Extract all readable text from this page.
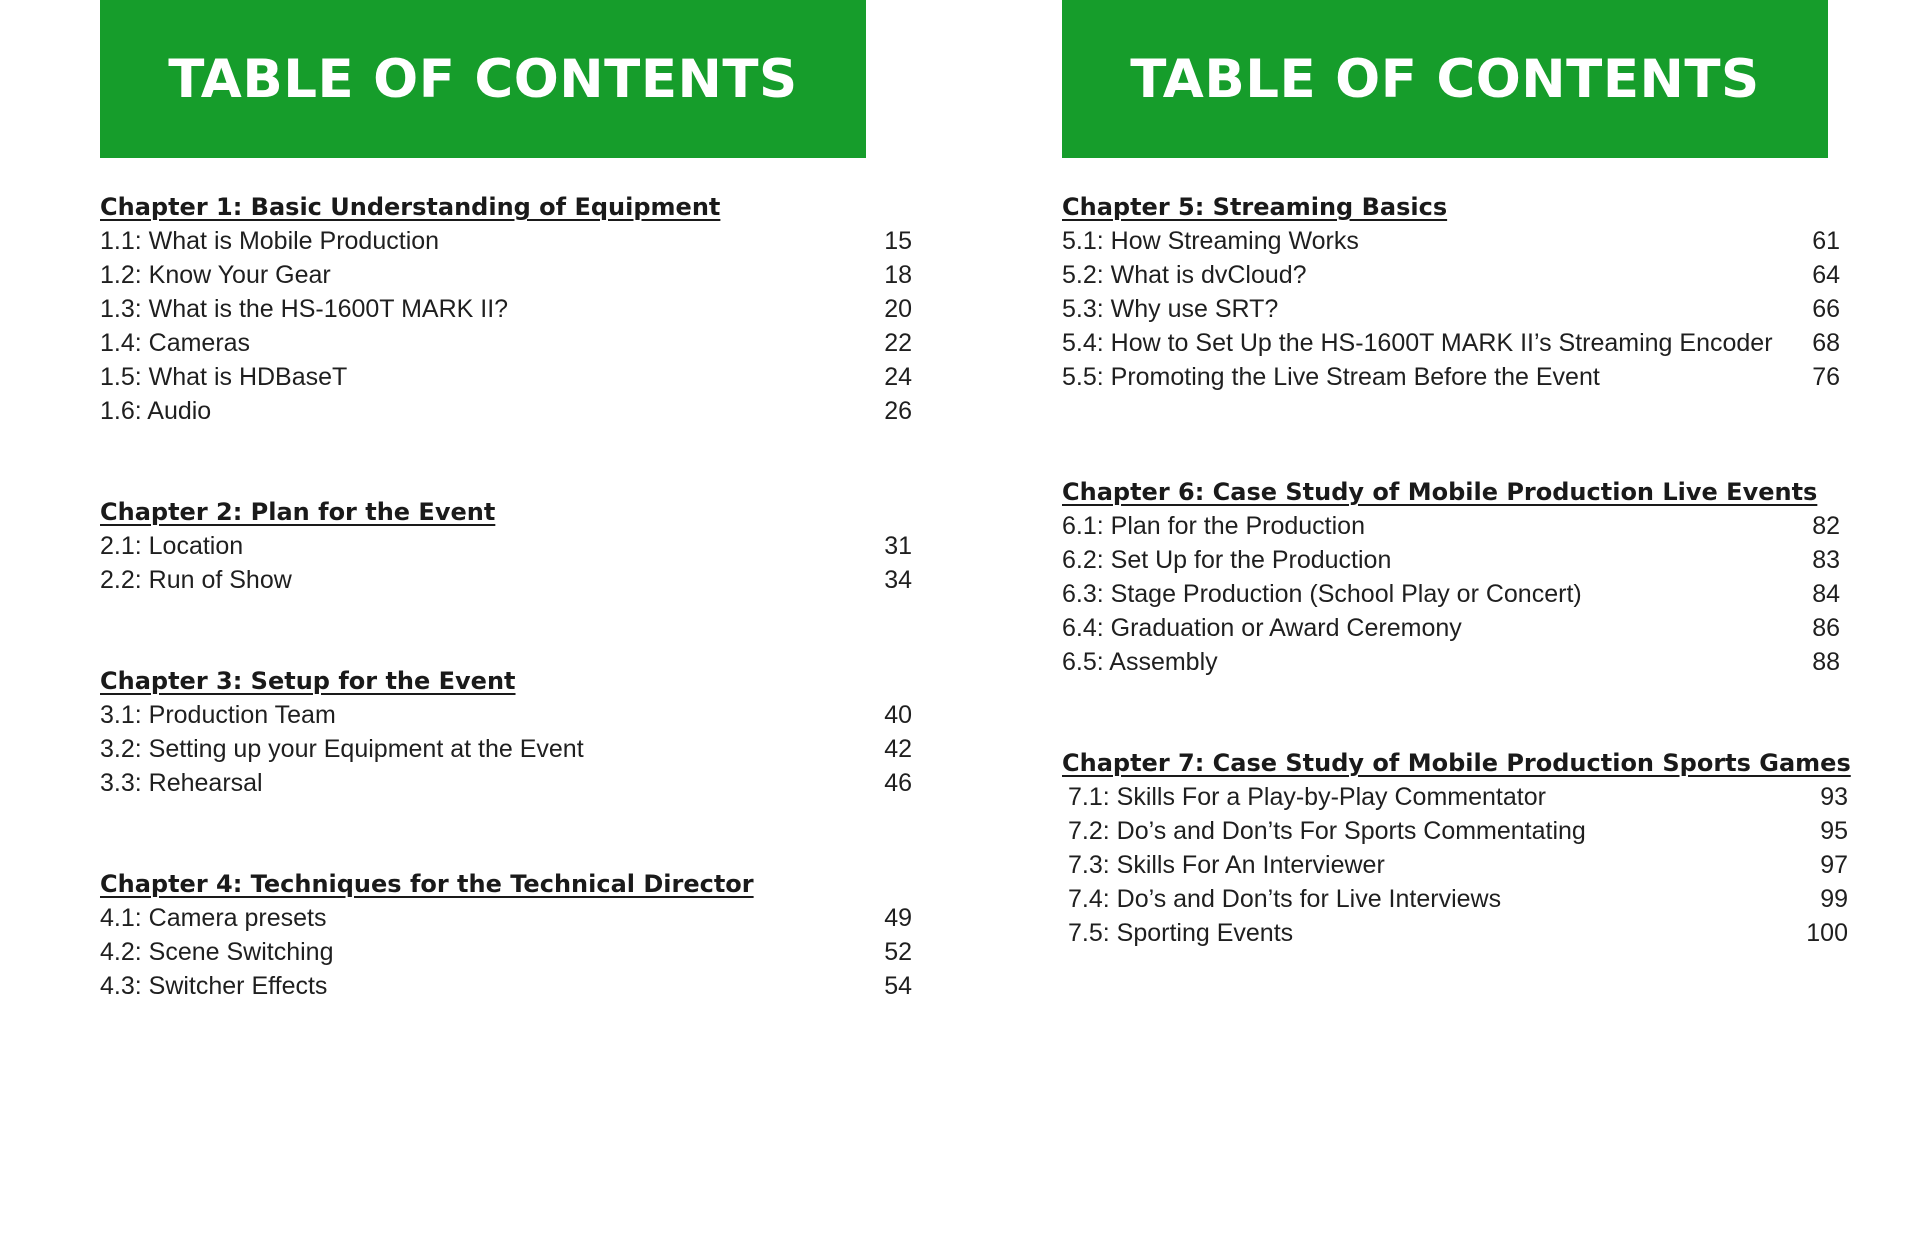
TABLE OF CONTENTS
Chapter 1: Basic Understanding of Equipment
1.1: What is Mobile Production	15
1.2: Know Your Gear	18
1.3: What is the HS-1600T MARK II?	20
1.4: Cameras	22
1.5: What is HDBaseT	24
1.6: Audio	26
Chapter 2: Plan for the Event
2.1: Location	31
2.2: Run of Show	34
Chapter 3: Setup for the Event
3.1: Production Team	40
3.2: Setting up your Equipment at the Event	42
3.3: Rehearsal	46
Chapter 4: Techniques for the Technical Director
4.1: Camera presets	49
4.2: Scene Switching	52
4.3: Switcher Effects	54
TABLE OF CONTENTS
Chapter 5: Streaming Basics
5.1: How Streaming Works	61
5.2: What is dvCloud?	64
5.3: Why use SRT?	66
5.4: How to Set Up the HS-1600T MARK II’s Streaming Encoder	68
5.5: Promoting the Live Stream Before the Event	76
Chapter 6: Case Study of Mobile Production Live Events
6.1: Plan for the Production	82
6.2: Set Up for the Production	83
6.3: Stage Production (School Play or Concert)	84
6.4: Graduation or Award Ceremony	86
6.5: Assembly	88
Chapter 7: Case Study of Mobile Production Sports Games
7.1: Skills For a Play-by-Play Commentator	93
7.2: Do’s and Don’ts For Sports Commentating	95
7.3: Skills For An Interviewer	97
7.4: Do’s and Don’ts for Live Interviews	99
7.5: Sporting Events	100
